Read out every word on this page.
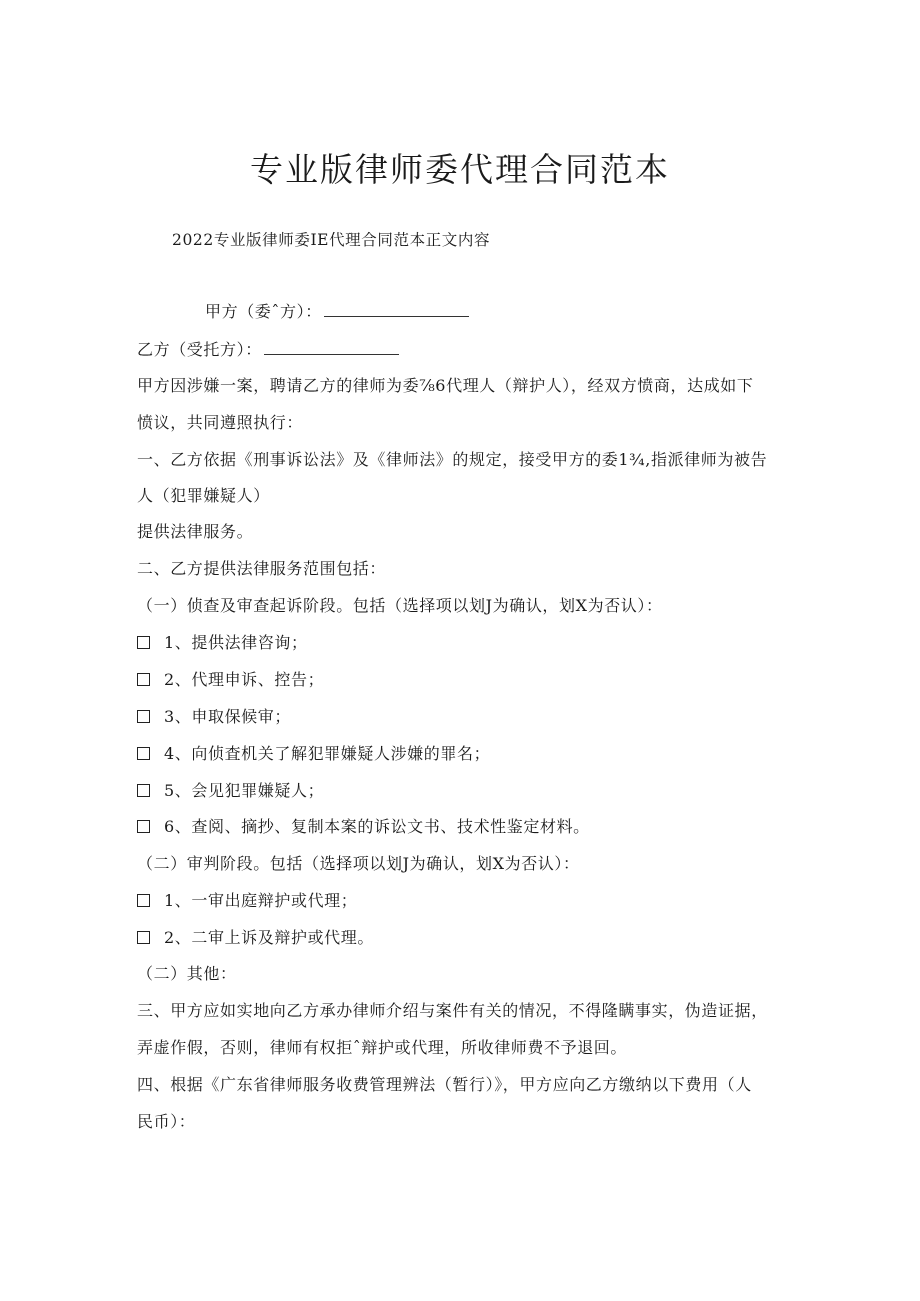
专业版律师委代理合同范本
2022专业版律师委IE代理合同范本正文内容
甲方（委ˆ方）：
乙方（受托方）：
甲方因涉嫌一案，聘请乙方的律师为委⅞6代理人（辩护人），经双方愤商，达成如下
愤议，共同遵照执行：
一、乙方依据《刑事诉讼法》及《律师法》的规定，接受甲方的委1¾,指派律师为被告
人（犯罪嫌疑人）
提供法律服务。
二、乙方提供法律服务范围包括：
（一）侦查及审查起诉阶段。包括（选择项以划J为确认，划X为否认）：
1、提供法律咨询；
2、代理申诉、控告；
3、申取保候审；
4、向侦査机关了解犯罪嫌疑人涉嫌的罪名；
5、会见犯罪嫌疑人；
6、查阅、摘抄、复制本案的诉讼文书、技术性鉴定材料。
（二）审判阶段。包括（选择项以划J为确认，划X为否认）：
1、一审出庭辩护或代理；
2、二审上诉及辩护或代理。
（二）其他：
三、甲方应如实地向乙方承办律师介绍与案件有关的情况，不得隆瞒事实，伪造证据，
弄虚作假，否则，律师有权拒ˆ辩护或代理，所收律师费不予退回。
四、根据《广东省律师服务收费管理辨法（暂行）》，甲方应向乙方缴纳以下费用（人
民币）：
